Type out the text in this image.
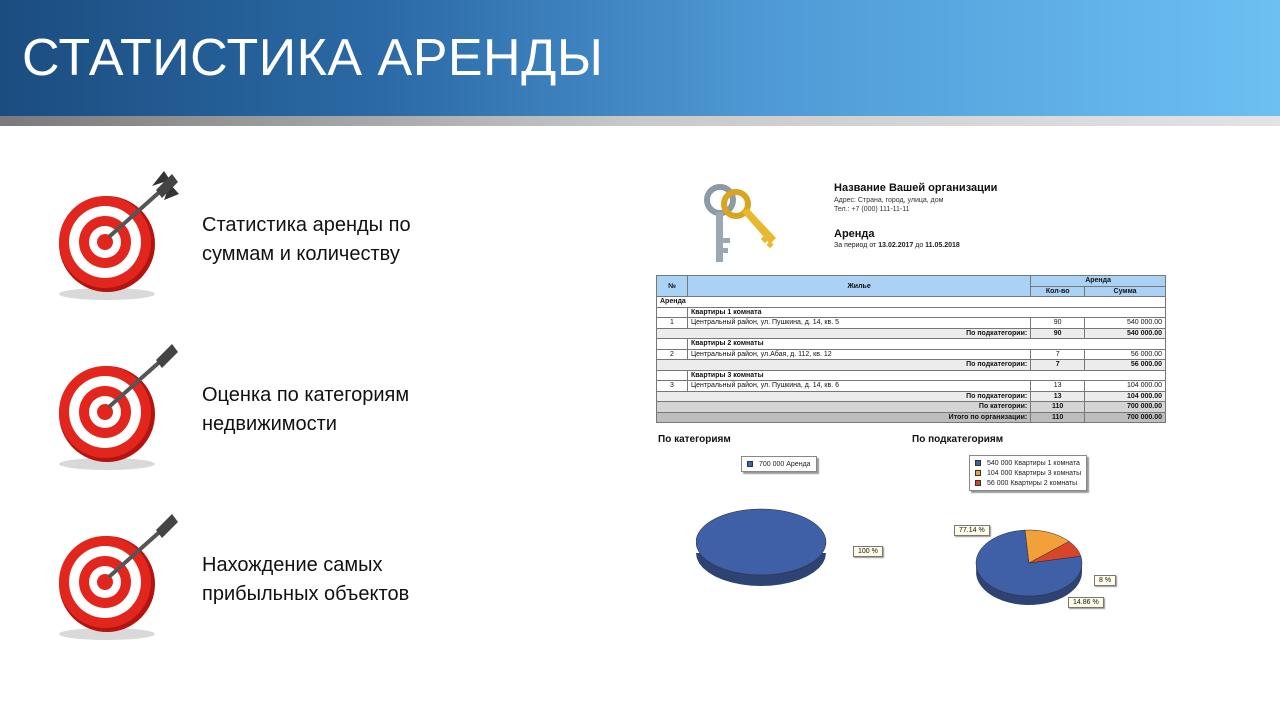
СТАТИСТИКА АРЕНДЫ
Статистика аренды по
суммам и количеству
Оценка по категориям
недвижимости
Нахождение самых
прибыльных объектов
Название Вашей организации
Адрес: Страна, город, улица, дом
Тел.: +7 (000) 111-11-11
Аренда
За период от 13.02.2017 до 11.05.2018
№	Жилье	Аренда	
		Кол-во	Сумма
Аренда			
	Квартиры 1 комната		
1	Центральный район, ул. Пушкина, д. 14, кв. 5	90	540 000.00
По подкатегории:		90	540 000.00
	Квартиры 2 комнаты		
2	Центральный район, ул.Абая, д. 112, кв. 12	7	56 000.00
По подкатегории:		7	56 000.00
	Квартиры 3 комнаты		
3	Центральный район, ул. Пушкина, д. 14, кв. 6	13	104 000.00
По подкатегории:		13	104 000.00
По категории:		110	700 000.00
Итого по организации:		110	700 000.00
По категориям
700 000 Аренда
100 %
По подкатегориям
540 000 Квартиры 1 комната
104 000 Квартиры 3 комнаты
56 000 Квартиры 2 комнаты
77.14 %
8 %
14.86 %
